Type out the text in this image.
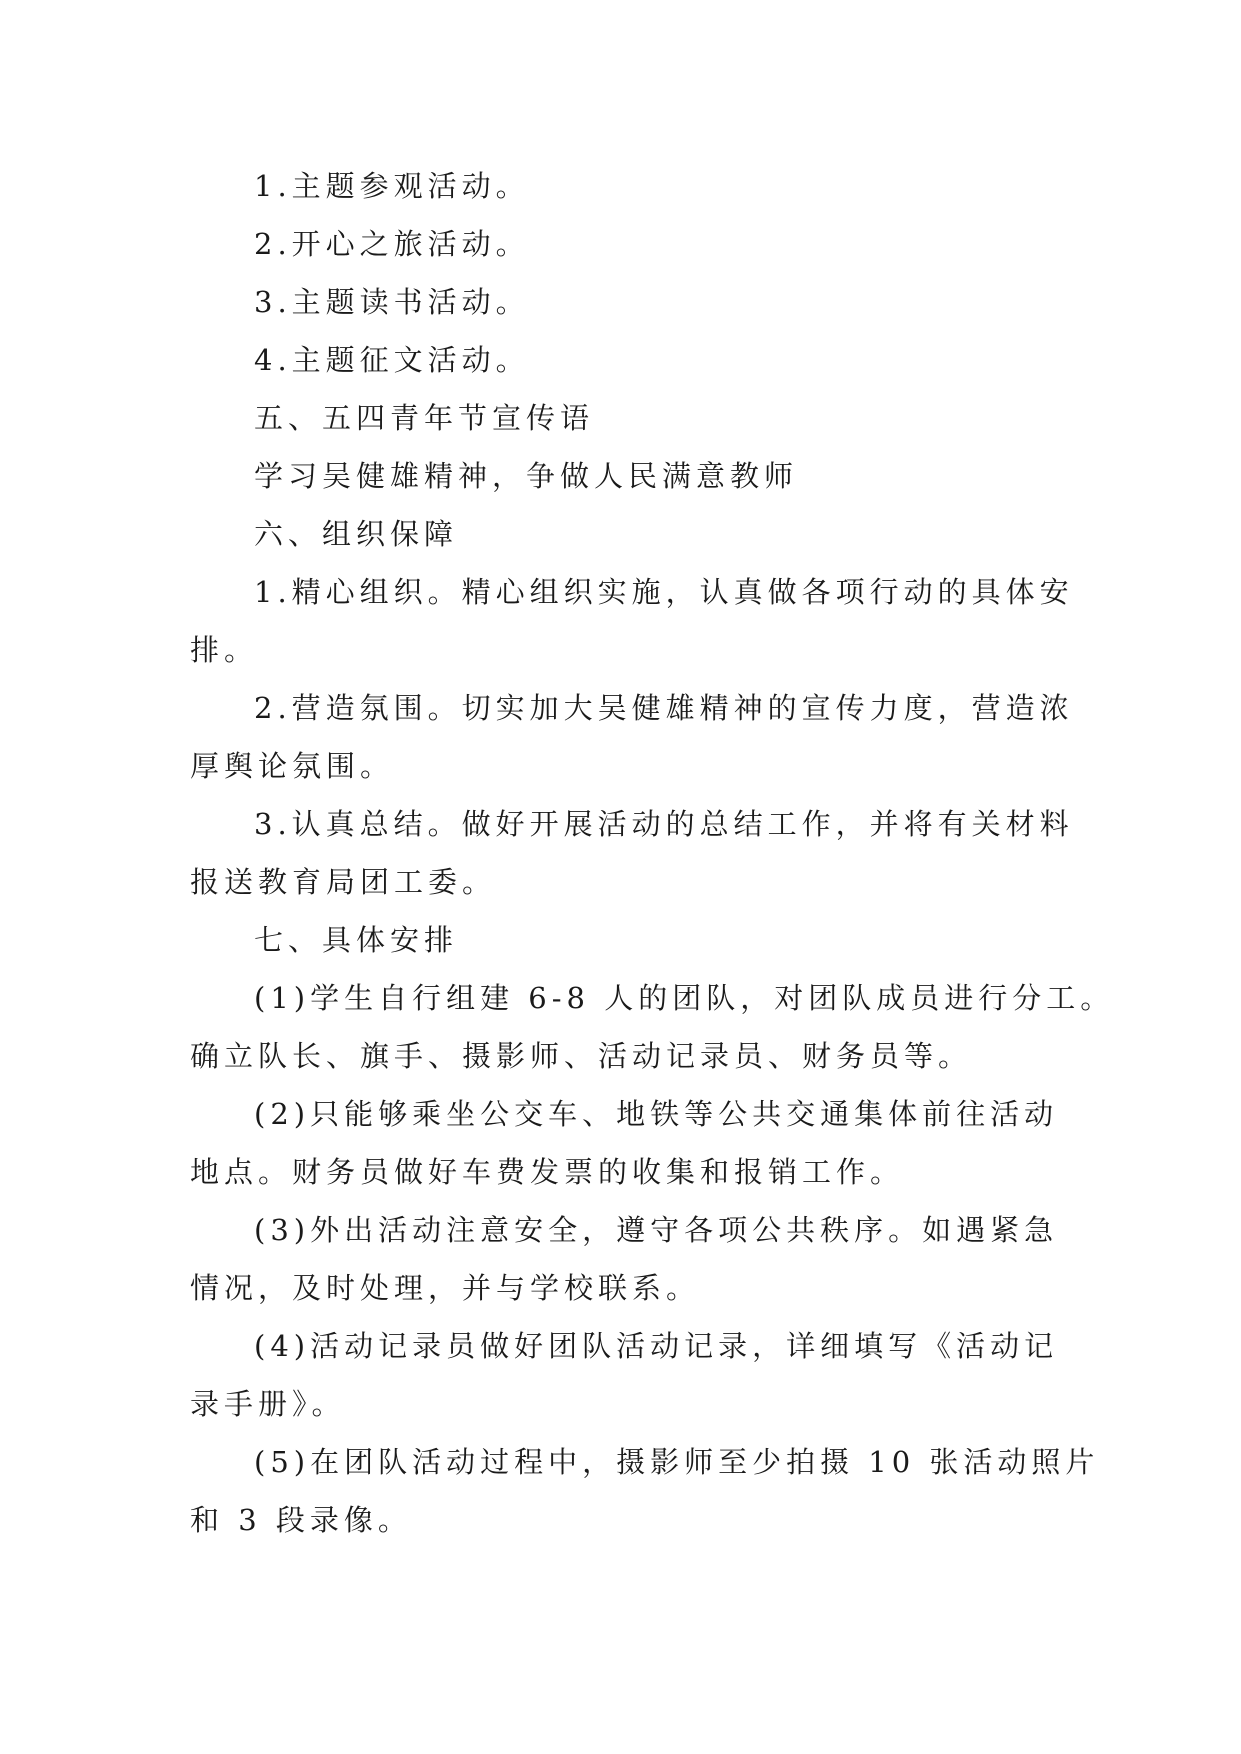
1.主题参观活动。
2.开心之旅活动。
3.主题读书活动。
4.主题征文活动。
五、五四青年节宣传语
学习吴健雄精神，争做人民满意教师
六、组织保障
1.精心组织。精心组织实施，认真做各项行动的具体安
排。
2.营造氛围。切实加大吴健雄精神的宣传力度，营造浓
厚舆论氛围。
3.认真总结。做好开展活动的总结工作，并将有关材料
报送教育局团工委。
七、具体安排
(1)学生自行组建 6-8 人的团队，对团队成员进行分工。
确立队长、旗手、摄影师、活动记录员、财务员等。
(2)只能够乘坐公交车、地铁等公共交通集体前往活动
地点。财务员做好车费发票的收集和报销工作。
(3)外出活动注意安全，遵守各项公共秩序。如遇紧急
情况，及时处理，并与学校联系。
(4)活动记录员做好团队活动记录，详细填写《活动记
录手册》。
(5)在团队活动过程中，摄影师至少拍摄 10 张活动照片
和 3 段录像。
